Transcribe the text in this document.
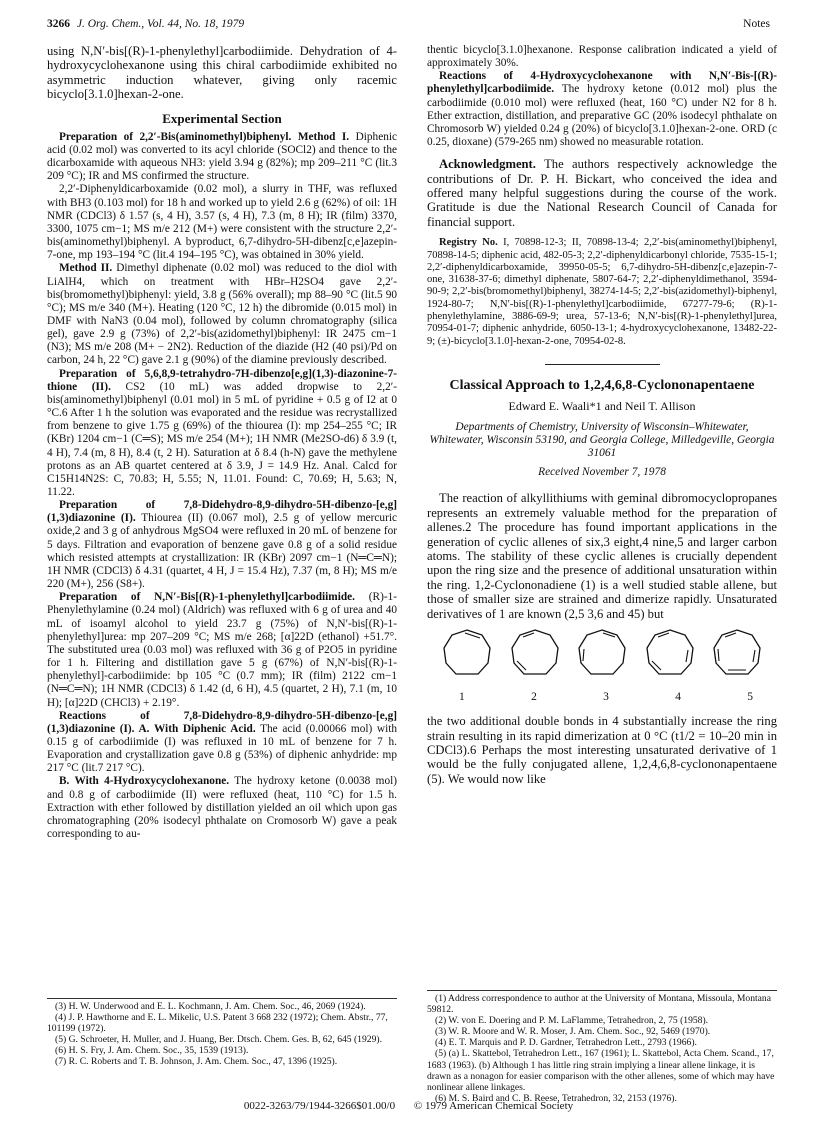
3266 J. Org. Chem., Vol. 44, No. 18, 1979	Notes

using N,N′-bis[(R)-1-phenylethyl]carbodiimide. Dehydration of 4-hydroxycyclohexanone using this chiral carbodiimide exhibited no asymmetric induction whatever, giving only racemic bicyclo[3.1.0]hexan-2-one.

Experimental Section

Preparation of 2,2′-Bis(aminomethyl)biphenyl. Method I. Diphenic acid (0.02 mol) was converted to its acyl chloride (SOCl2) and thence to the dicarboxamide with aqueous NH3: yield 3.94 g (82%); mp 209–211 °C (lit.3 209 °C); IR and MS confirmed the structure.

2,2′-Diphenyldicarboxamide (0.02 mol), a slurry in THF, was refluxed with BH3 (0.103 mol) for 18 h and worked up to yield 2.6 g (62%) of oil: 1H NMR (CDCl3) δ 1.57 (s, 4 H), 3.57 (s, 4 H), 7.3 (m, 8 H); IR (film) 3370, 3300, 1075 cm−1; MS m/e 212 (M+) were consistent with the structure 2,2′-bis(aminomethyl)biphenyl. A byproduct, 6,7-dihydro-5H-dibenz[c,e]azepin-7-one, mp 193–194 °C (lit.4 194–195 °C), was obtained in 30% yield.

Method II. Dimethyl diphenate (0.02 mol) was reduced to the diol with LiAlH4, which on treatment with HBr–H2SO4 gave 2,2′-bis(bromomethyl)biphenyl: yield, 3.8 g (56% overall); mp 88–90 °C (lit.5 90 °C); MS m/e 340 (M+). Heating (120 °C, 12 h) the dibromide (0.015 mol) in DMF with NaN3 (0.04 mol), followed by column chromatography (silica gel), gave 2.9 g (73%) of 2,2′-bis(azidomethyl)biphenyl: IR 2475 cm−1 (N3); MS m/e 208 (M+ − 2N2). Reduction of the diazide (H2 (40 psi)/Pd on carbon, 24 h, 22 °C) gave 2.1 g (90%) of the diamine previously described.

Preparation of 5,6,8,9-tetrahydro-7H-dibenzo[e,g](1,3)-diazonine-7-thione (II). CS2 (10 mL) was added dropwise to 2,2′-bis(aminomethyl)biphenyl (0.01 mol) in 5 mL of pyridine + 0.5 g of I2 at 0 °C.6 After 1 h the solution was evaporated and the residue was recrystallized from benzene to give 1.75 g (69%) of the thiourea (I): mp 254–255 °C; IR (KBr) 1204 cm−1 (C═S); MS m/e 254 (M+); 1H NMR (Me2SO-d6) δ 3.9 (t, 4 H), 7.4 (m, 8 H), 8.4 (t, 2 H). Saturation at δ 8.4 (h-N) gave the methylene protons as an AB quartet centered at δ 3.9, J = 14.9 Hz. Anal. Calcd for C15H14N2S: C, 70.83; H, 5.55; N, 11.01. Found: C, 70.69; H, 5.63; N, 11.22.

Preparation of 7,8-Didehydro-8,9-dihydro-5H-dibenzo-[e,g](1,3)diazonine (I). Thiourea (II) (0.067 mol), 2.5 g of yellow mercuric oxide,2 and 3 g of anhydrous MgSO4 were refluxed in 20 mL of benzene for 5 days. Filtration and evaporation of benzene gave 0.8 g of a solid residue which resisted attempts at crystallization: IR (KBr) 2097 cm−1 (N═C═N); 1H NMR (CDCl3) δ 4.31 (quartet, 4 H, J = 15.4 Hz), 7.37 (m, 8 H); MS m/e 220 (M+), 256 (S8+).

Preparation of N,N′-Bis[(R)-1-phenylethyl]carbodiimide. (R)-1-Phenylethylamine (0.24 mol) (Aldrich) was refluxed with 6 g of urea and 40 mL of isoamyl alcohol to yield 23.7 g (75%) of N,N′-bis[(R)-1-phenylethyl]urea: mp 207–209 °C; MS m/e 268; [α]22D (ethanol) +51.7°. The substituted urea (0.03 mol) was refluxed with 36 g of P2O5 in pyridine for 1 h. Filtering and distillation gave 5 g (67%) of N,N′-bis[(R)-1-phenylethyl]-carbodiimide: bp 105 °C (0.7 mm); IR (film) 2122 cm−1 (N═C═N); 1H NMR (CDCl3) δ 1.42 (d, 6 H), 4.5 (quartet, 2 H), 7.1 (m, 10 H); [α]22D (CHCl3) + 2.19°.

Reactions of 7,8-Didehydro-8,9-dihydro-5H-dibenzo-[e,g](1,3)diazonine (I). A. With Diphenic Acid. The acid (0.00066 mol) with 0.15 g of carbodiimide (I) was refluxed in 10 mL of benzene for 7 h. Evaporation and crystallization gave 0.8 g (53%) of diphenic anhydride: mp 217 °C (lit.7 217 °C).

B. With 4-Hydroxycyclohexanone. The hydroxy ketone (0.0038 mol) and 0.8 g of carbodiimide (II) were refluxed (heat, 110 °C) for 1.5 h. Extraction with ether followed by distillation yielded an oil which upon gas chromatographing (20% isodecyl phthalate on Cromosorb W) gave a peak corresponding to au-

(3) H. W. Underwood and E. L. Kochmann, J. Am. Chem. Soc., 46, 2069 (1924).

(4) J. P. Hawthorne and E. L. Mikelic, U.S. Patent 3 668 232 (1972); Chem. Abstr., 77, 101199 (1972).

(5) G. Schroeter, H. Muller, and J. Huang, Ber. Dtsch. Chem. Ges. B, 62, 645 (1929).

(6) H. S. Fry, J. Am. Chem. Soc., 35, 1539 (1913).

(7) R. C. Roberts and T. B. Johnson, J. Am. Chem. Soc., 47, 1396 (1925).

thentic bicyclo[3.1.0]hexanone. Response calibration indicated a yield of approximately 30%.

Reactions of 4-Hydroxycyclohexanone with N,N′-Bis-[(R)-phenylethyl]carbodiimide. The hydroxy ketone (0.012 mol) plus the carbodiimide (0.010 mol) were refluxed (heat, 160 °C) under N2 for 8 h. Ether extraction, distillation, and preparative GC (20% isodecyl phthalate on Chromosorb W) yielded 0.24 g (20%) of bicyclo[3.1.0]hexan-2-one. ORD (c 0.25, dioxane) (579-265 nm) showed no measurable rotation.

Acknowledgment. The authors respectively acknowledge the contributions of Dr. P. H. Bickart, who conceived the idea and offered many helpful suggestions during the course of the work. Gratitude is due the National Research Council of Canada for financial support.

Registry No. I, 70898-12-3; II, 70898-13-4; 2,2′-bis(aminomethyl)biphenyl, 70898-14-5; diphenic acid, 482-05-3; 2,2′-diphenyldicarbonyl chloride, 7535-15-1; 2,2′-diphenyldicarboxamide, 39950-05-5; 6,7-dihydro-5H-dibenz[c,e]azepin-7-one, 31638-37-6; dimethyl diphenate, 5807-64-7; 2,2′-diphenyldimethanol, 3594-90-9; 2,2′-bis(bromomethyl)biphenyl, 38274-14-5; 2,2′-bis(azidomethyl)-biphenyl, 1924-80-7; N,N′-bis[(R)-1-phenylethyl]carbodiimide, 67277-79-6; (R)-1-phenylethylamine, 3886-69-9; urea, 57-13-6; N,N′-bis[(R)-1-phenylethyl]urea, 70954-01-7; diphenic anhydride, 6050-13-1; 4-hydroxycyclohexanone, 13482-22-9; (±)-bicyclo[3.1.0]-hexan-2-one, 70954-02-8.

Classical Approach to 1,2,4,6,8-Cyclononapentaene
Edward E. Waali*1 and Neil T. Allison
Departments of Chemistry, University of Wisconsin–Whitewater, Whitewater, Wisconsin 53190, and Georgia College, Milledgeville, Georgia 31061
Received November 7, 1978

The reaction of alkyllithiums with geminal dibromocyclopropanes represents an extremely valuable method for the preparation of allenes.2 The procedure has found important applications in the generation of cyclic allenes of six,3 eight,4 nine,5 and larger carbon atoms. The stability of these cyclic allenes is crucially dependent upon the ring size and the presence of additional unsaturation within the ring. 1,2-Cyclononadiene (1) is a well studied stable allene, but those of smaller size are strained and dimerize rapidly. Unsaturated derivatives of 1 are known (2,5 3,6 and 45) but

1	2	3	4	5

the two additional double bonds in 4 substantially increase the ring strain resulting in its rapid dimerization at 0 °C (t1/2 = 10–20 min in CDCl3).6 Perhaps the most interesting unsaturated derivative of 1 would be the fully conjugated allene, 1,2,4,6,8-cyclononapentaene (5). We would now like

(1) Address correspondence to author at the University of Montana, Missoula, Montana 59812.

(2) W. von E. Doering and P. M. LaFlamme, Tetrahedron, 2, 75 (1958).

(3) W. R. Moore and W. R. Moser, J. Am. Chem. Soc., 92, 5469 (1970).

(4) E. T. Marquis and P. D. Gardner, Tetrahedron Lett., 2793 (1966).

(5) (a) L. Skattebol, Tetrahedron Lett., 167 (1961); L. Skattebol, Acta Chem. Scand., 17, 1683 (1963). (b) Although 1 has little ring strain implying a linear allene linkage, it is drawn as a nonagon for easier comparison with the other allenes, some of which may have nonlinear allene linkages.

(6) M. S. Baird and C. B. Reese, Tetrahedron, 32, 2153 (1976).

0022-3263/79/1944-3266$01.00/0 © 1979 American Chemical Society
